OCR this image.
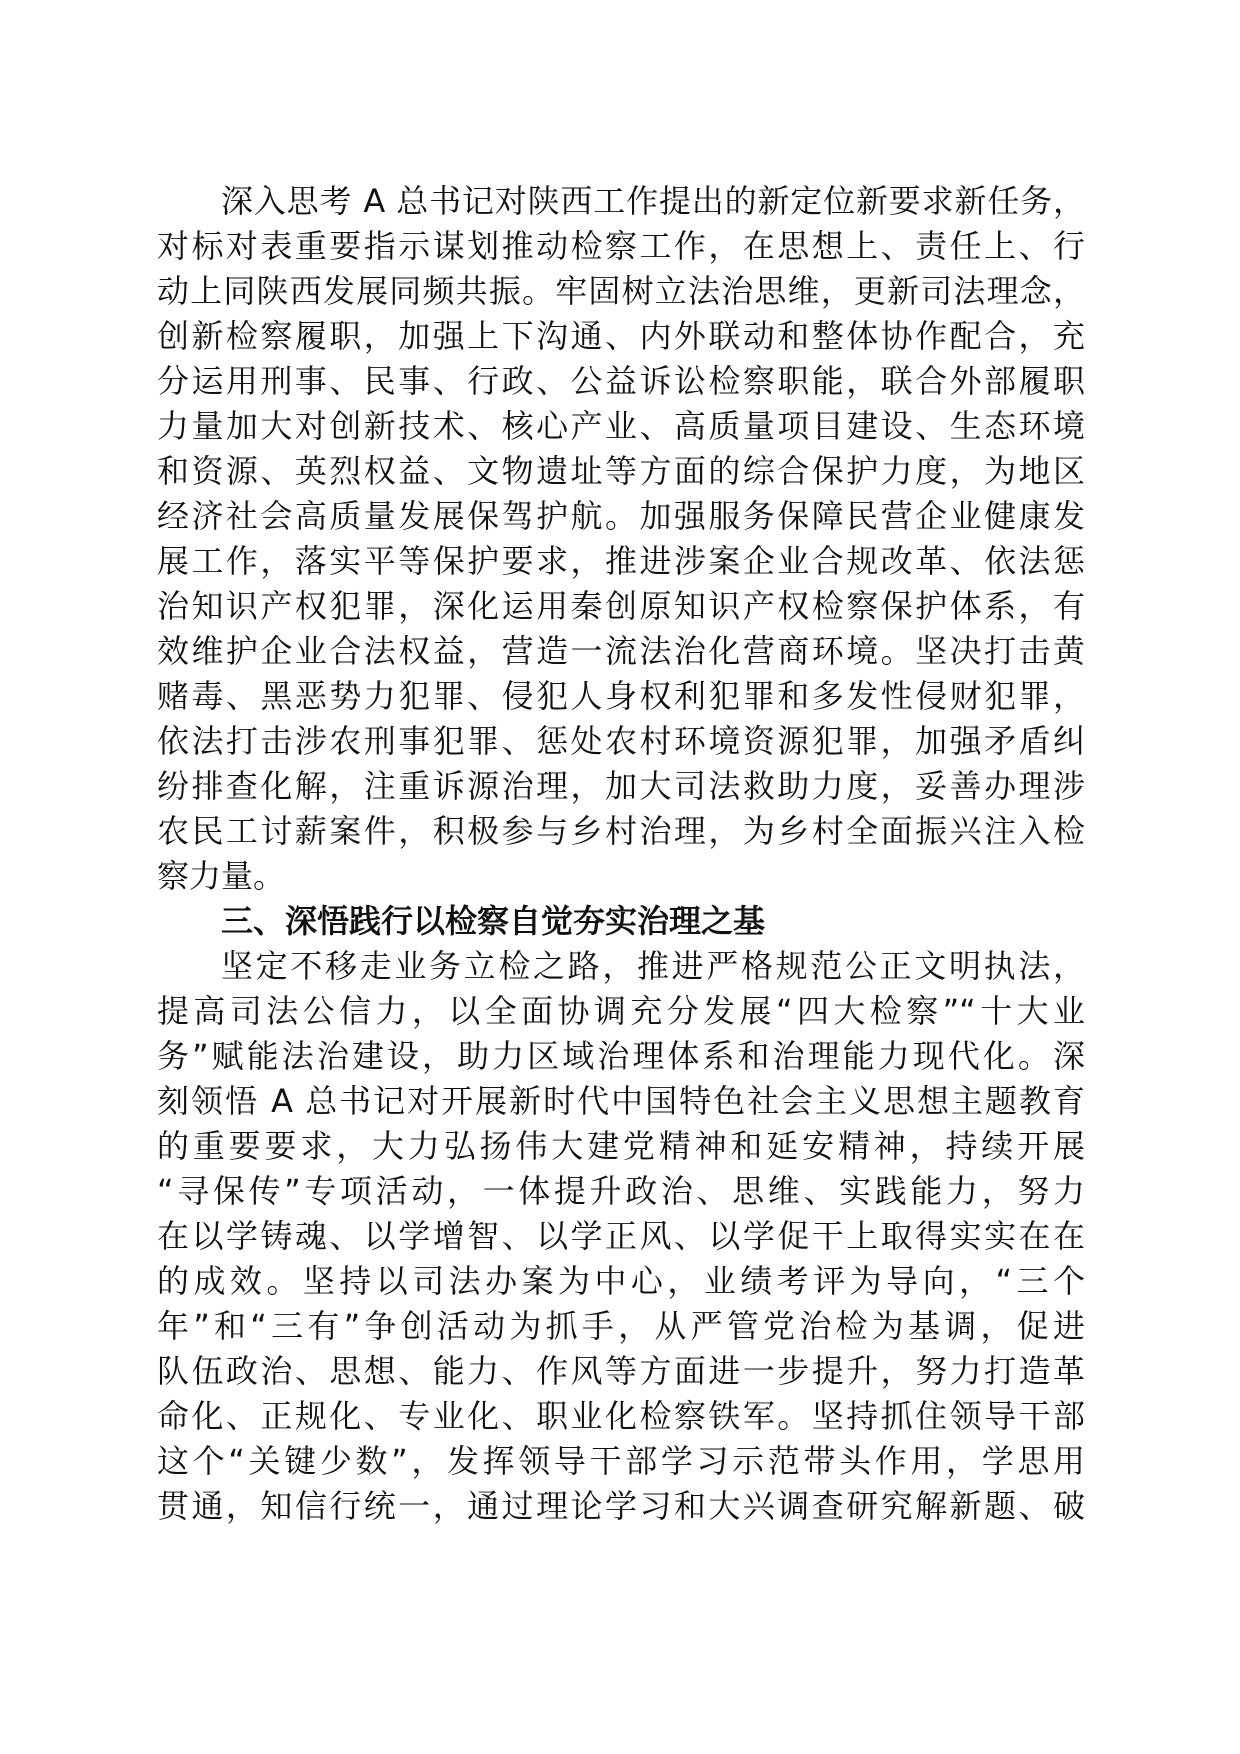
深入思考 A 总书记对陕西工作提出的新定位新要求新任务，
对标对表重要指示谋划推动检察工作，在思想上、责任上、行
动上同陕西发展同频共振。牢固树立法治思维，更新司法理念，
创新检察履职，加强上下沟通、内外联动和整体协作配合，充
分运用刑事、民事、行政、公益诉讼检察职能，联合外部履职
力量加大对创新技术、核心产业、高质量项目建设、生态环境
和资源、英烈权益、文物遗址等方面的综合保护力度，为地区
经济社会高质量发展保驾护航。加强服务保障民营企业健康发
展工作，落实平等保护要求，推进涉案企业合规改革、依法惩
治知识产权犯罪，深化运用秦创原知识产权检察保护体系，有
效维护企业合法权益，营造一流法治化营商环境。坚决打击黄
赌毒、黑恶势力犯罪、侵犯人身权利犯罪和多发性侵财犯罪，
依法打击涉农刑事犯罪、惩处农村环境资源犯罪，加强矛盾纠
纷排查化解，注重诉源治理，加大司法救助力度，妥善办理涉
农民工讨薪案件，积极参与乡村治理，为乡村全面振兴注入检
察力量。
三、深悟践行以检察自觉夯实治理之基
坚定不移走业务立检之路，推进严格规范公正文明执法，
提高司法公信力，以全面协调充分发展“四大检察”“十大业
务”赋能法治建设，助力区域治理体系和治理能力现代化。深
刻领悟 A 总书记对开展新时代中国特色社会主义思想主题教育
的重要要求，大力弘扬伟大建党精神和延安精神，持续开展
“寻保传”专项活动，一体提升政治、思维、实践能力，努力
在以学铸魂、以学增智、以学正风、以学促干上取得实实在在
的成效。坚持以司法办案为中心，业绩考评为导向，“三个
年”和“三有”争创活动为抓手，从严管党治检为基调，促进
队伍政治、思想、能力、作风等方面进一步提升，努力打造革
命化、正规化、专业化、职业化检察铁军。坚持抓住领导干部
这个“关键少数”，发挥领导干部学习示范带头作用，学思用
贯通，知信行统一，通过理论学习和大兴调查研究解新题、破
